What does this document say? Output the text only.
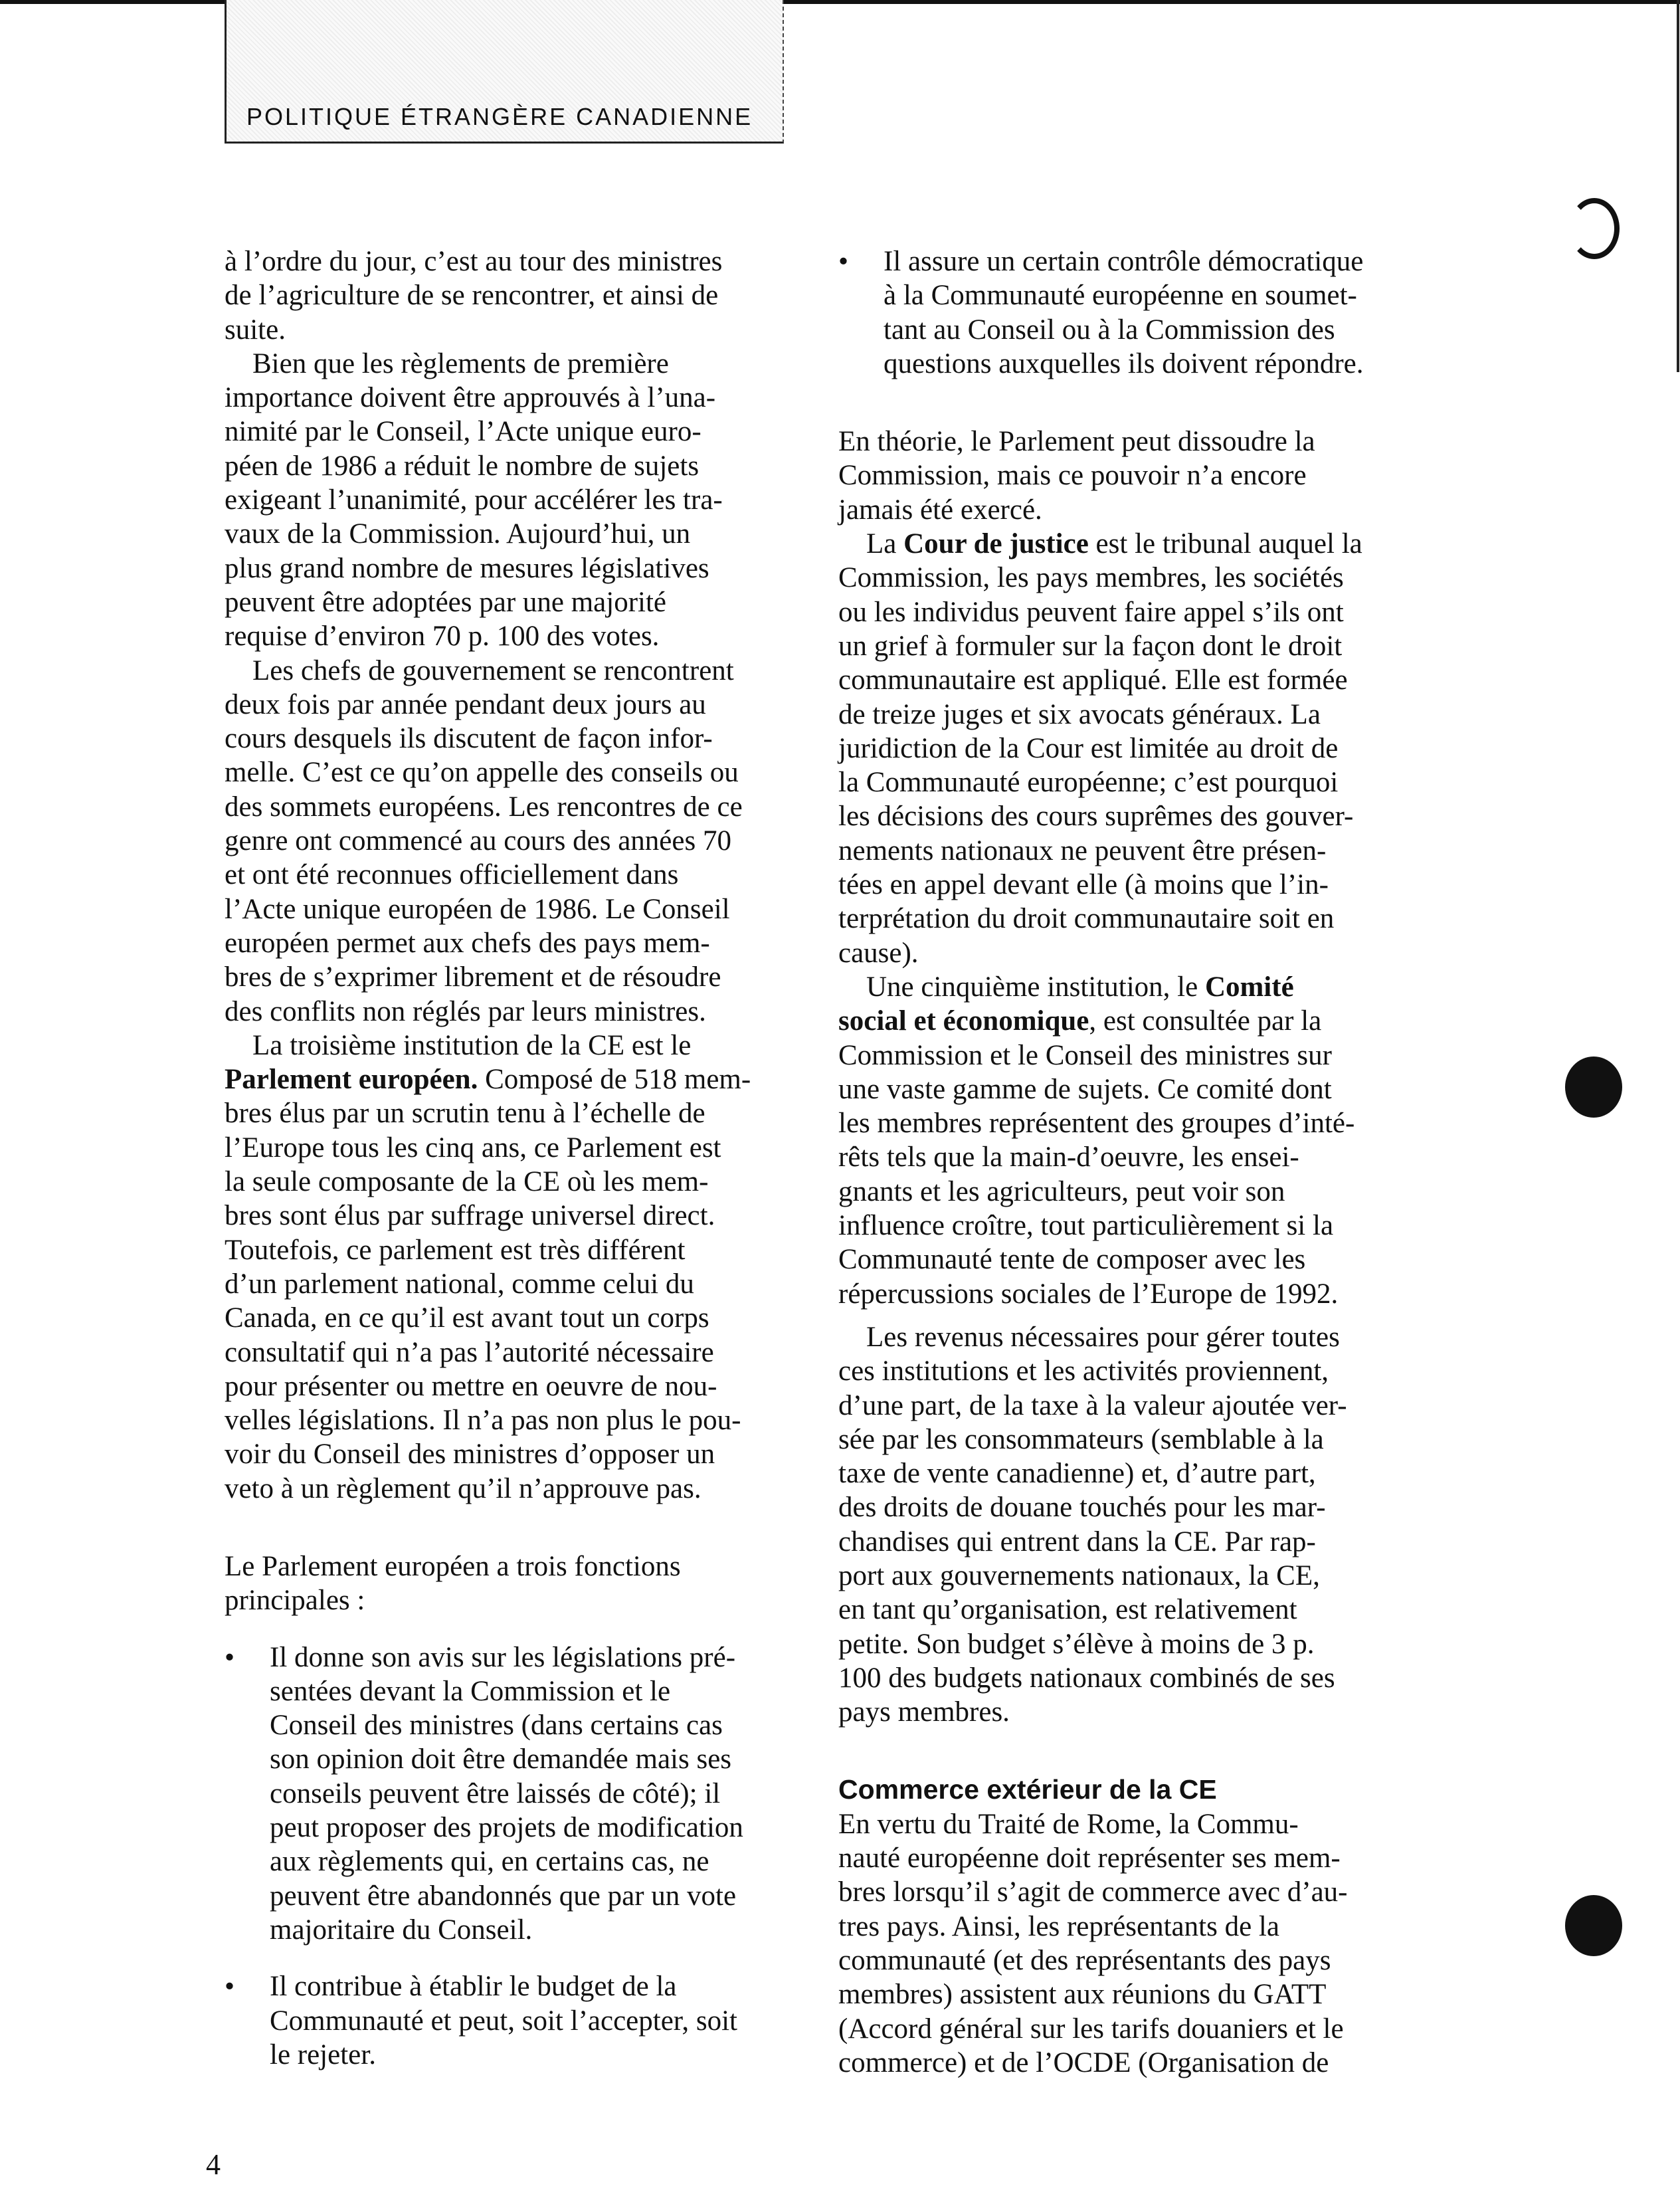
POLITIQUE ÉTRANGÈRE CANADIENNE
à l’ordre du jour, c’est au tour des ministres
de l’agriculture de se rencontrer, et ainsi de
suite.
Bien que les règlements de première
importance doivent être approuvés à l’una-
nimité par le Conseil, l’Acte unique euro-
péen de 1986 a réduit le nombre de sujets
exigeant l’unanimité, pour accélérer les tra-
vaux de la Commission. Aujourd’hui, un
plus grand nombre de mesures législatives
peuvent être adoptées par une majorité
requise d’environ 70 p. 100 des votes.
Les chefs de gouvernement se rencontrent
deux fois par année pendant deux jours au
cours desquels ils discutent de façon infor-
melle. C’est ce qu’on appelle des conseils ou
des sommets européens. Les rencontres de ce
genre ont commencé au cours des années 70
et ont été reconnues officiellement dans
l’Acte unique européen de 1986. Le Conseil
européen permet aux chefs des pays mem-
bres de s’exprimer librement et de résoudre
des conflits non réglés par leurs ministres.
La troisième institution de la CE est le
Parlement européen. Composé de 518 mem-
bres élus par un scrutin tenu à l’échelle de
l’Europe tous les cinq ans, ce Parlement est
la seule composante de la CE où les mem-
bres sont élus par suffrage universel direct.
Toutefois, ce parlement est très différent
d’un parlement national, comme celui du
Canada, en ce qu’il est avant tout un corps
consultatif qui n’a pas l’autorité nécessaire
pour présenter ou mettre en oeuvre de nou-
velles législations. Il n’a pas non plus le pou-
voir du Conseil des ministres d’opposer un
veto à un règlement qu’il n’approuve pas.
Le Parlement européen a trois fonctions
principales :
•	Il donne son avis sur les législations pré-
sentées devant la Commission et le
Conseil des ministres (dans certains cas
son opinion doit être demandée mais ses
conseils peuvent être laissés de côté); il
peut proposer des projets de modification
aux règlements qui, en certains cas, ne
peuvent être abandonnés que par un vote
majoritaire du Conseil.
•	Il contribue à établir le budget de la
Communauté et peut, soit l’accepter, soit
le rejeter.
•	Il assure un certain contrôle démocratique
à la Communauté européenne en soumet-
tant au Conseil ou à la Commission des
questions auxquelles ils doivent répondre.
En théorie, le Parlement peut dissoudre la
Commission, mais ce pouvoir n’a encore
jamais été exercé.
La Cour de justice est le tribunal auquel la
Commission, les pays membres, les sociétés
ou les individus peuvent faire appel s’ils ont
un grief à formuler sur la façon dont le droit
communautaire est appliqué. Elle est formée
de treize juges et six avocats généraux. La
juridiction de la Cour est limitée au droit de
la Communauté européenne; c’est pourquoi
les décisions des cours suprêmes des gouver-
nements nationaux ne peuvent être présen-
tées en appel devant elle (à moins que l’in-
terprétation du droit communautaire soit en
cause).
Une cinquième institution, le Comité
social et économique, est consultée par la
Commission et le Conseil des ministres sur
une vaste gamme de sujets. Ce comité dont
les membres représentent des groupes d’inté-
rêts tels que la main-d’oeuvre, les ensei-
gnants et les agriculteurs, peut voir son
influence croître, tout particulièrement si la
Communauté tente de composer avec les
répercussions sociales de l’Europe de 1992.
Les revenus nécessaires pour gérer toutes
ces institutions et les activités proviennent,
d’une part, de la taxe à la valeur ajoutée ver-
sée par les consommateurs (semblable à la
taxe de vente canadienne) et, d’autre part,
des droits de douane touchés pour les mar-
chandises qui entrent dans la CE. Par rap-
port aux gouvernements nationaux, la CE,
en tant qu’organisation, est relativement
petite. Son budget s’élève à moins de 3 p.
100 des budgets nationaux combinés de ses
pays membres.
Commerce extérieur de la CE
En vertu du Traité de Rome, la Commu-
nauté européenne doit représenter ses mem-
bres lorsqu’il s’agit de commerce avec d’au-
tres pays. Ainsi, les représentants de la
communauté (et des représentants des pays
membres) assistent aux réunions du GATT
(Accord général sur les tarifs douaniers et le
commerce) et de l’OCDE (Organisation de
4
